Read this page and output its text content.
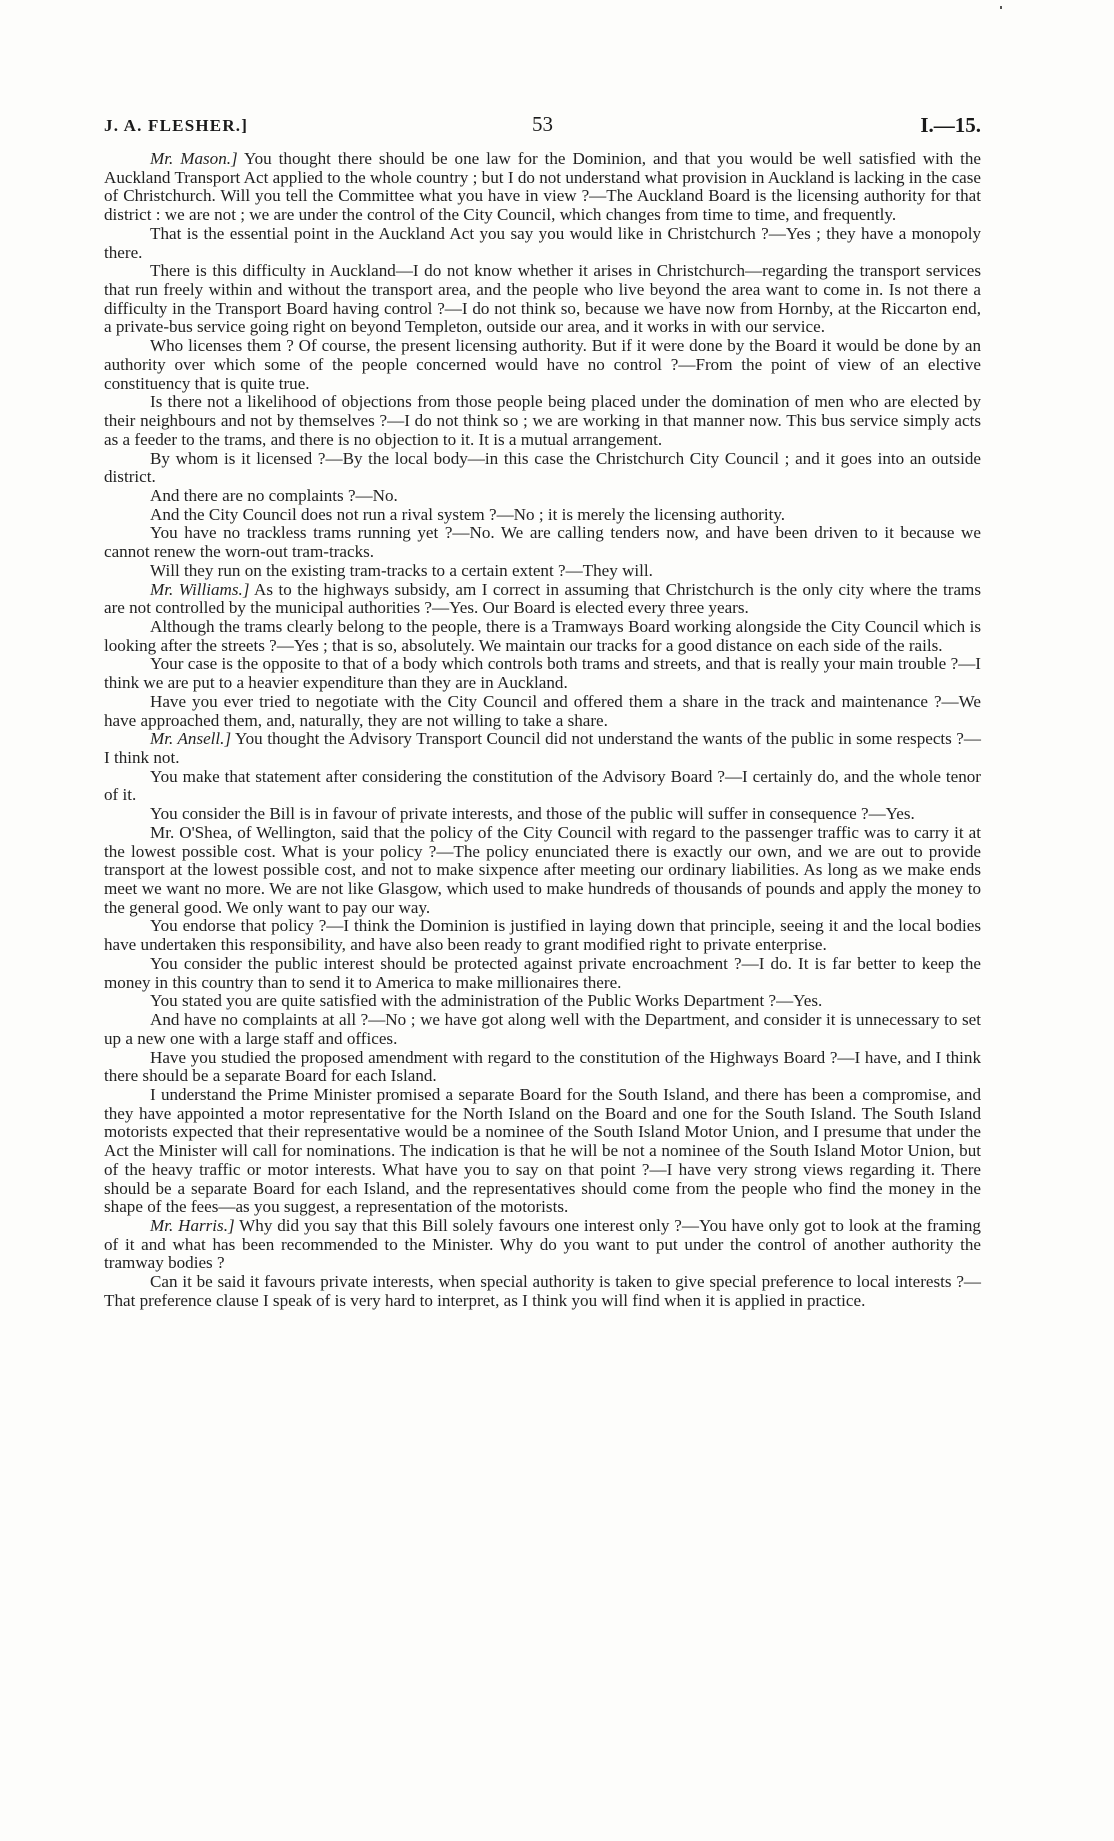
J. A. FLESHER.]	53	I.—15.

Mr. Mason.] You thought there should be one law for the Dominion, and that you would be well satisfied with the Auckland Transport Act applied to the whole country ; but I do not understand what provision in Auckland is lacking in the case of Christchurch. Will you tell the Committee what you have in view ?—The Auckland Board is the licensing authority for that district : we are not ; we are under the control of the City Council, which changes from time to time, and frequently.

That is the essential point in the Auckland Act you say you would like in Christchurch ?—Yes ; they have a monopoly there.

There is this difficulty in Auckland—I do not know whether it arises in Christchurch—regarding the transport services that run freely within and without the transport area, and the people who live beyond the area want to come in. Is not there a difficulty in the Transport Board having control ?—I do not think so, because we have now from Hornby, at the Riccarton end, a private-bus service going right on beyond Templeton, outside our area, and it works in with our service.

Who licenses them ? Of course, the present licensing authority. But if it were done by the Board it would be done by an authority over which some of the people concerned would have no control ?—From the point of view of an elective constituency that is quite true.

Is there not a likelihood of objections from those people being placed under the domination of men who are elected by their neighbours and not by themselves ?—I do not think so ; we are working in that manner now. This bus service simply acts as a feeder to the trams, and there is no objection to it. It is a mutual arrangement.

By whom is it licensed ?—By the local body—in this case the Christchurch City Council ; and it goes into an outside district.

And there are no complaints ?—No.

And the City Council does not run a rival system ?—No ; it is merely the licensing authority.

You have no trackless trams running yet ?—No. We are calling tenders now, and have been driven to it because we cannot renew the worn-out tram-tracks.

Will they run on the existing tram-tracks to a certain extent ?—They will.

Mr. Williams.] As to the highways subsidy, am I correct in assuming that Christchurch is the only city where the trams are not controlled by the municipal authorities ?—Yes. Our Board is elected every three years.

Although the trams clearly belong to the people, there is a Tramways Board working alongside the City Council which is looking after the streets ?—Yes ; that is so, absolutely. We maintain our tracks for a good distance on each side of the rails.

Your case is the opposite to that of a body which controls both trams and streets, and that is really your main trouble ?—I think we are put to a heavier expenditure than they are in Auckland.

Have you ever tried to negotiate with the City Council and offered them a share in the track and maintenance ?—We have approached them, and, naturally, they are not willing to take a share.

Mr. Ansell.] You thought the Advisory Transport Council did not understand the wants of the public in some respects ?—I think not.

You make that statement after considering the constitution of the Advisory Board ?—I certainly do, and the whole tenor of it.

You consider the Bill is in favour of private interests, and those of the public will suffer in consequence ?—Yes.

Mr. O'Shea, of Wellington, said that the policy of the City Council with regard to the passenger traffic was to carry it at the lowest possible cost. What is your policy ?—The policy enunciated there is exactly our own, and we are out to provide transport at the lowest possible cost, and not to make sixpence after meeting our ordinary liabilities. As long as we make ends meet we want no more. We are not like Glasgow, which used to make hundreds of thousands of pounds and apply the money to the general good. We only want to pay our way.

You endorse that policy ?—I think the Dominion is justified in laying down that principle, seeing it and the local bodies have undertaken this responsibility, and have also been ready to grant modified right to private enterprise.

You consider the public interest should be protected against private encroachment ?—I do. It is far better to keep the money in this country than to send it to America to make millionaires there.

You stated you are quite satisfied with the administration of the Public Works Department ?—Yes.

And have no complaints at all ?—No ; we have got along well with the Department, and consider it is unnecessary to set up a new one with a large staff and offices.

Have you studied the proposed amendment with regard to the constitution of the Highways Board ?—I have, and I think there should be a separate Board for each Island.

I understand the Prime Minister promised a separate Board for the South Island, and there has been a compromise, and they have appointed a motor representative for the North Island on the Board and one for the South Island. The South Island motorists expected that their representative would be a nominee of the South Island Motor Union, and I presume that under the Act the Minister will call for nominations. The indication is that he will be not a nominee of the South Island Motor Union, but of the heavy traffic or motor interests. What have you to say on that point ?—I have very strong views regarding it. There should be a separate Board for each Island, and the representatives should come from the people who find the money in the shape of the fees—as you suggest, a representation of the motorists.

Mr. Harris.] Why did you say that this Bill solely favours one interest only ?—You have only got to look at the framing of it and what has been recommended to the Minister. Why do you want to put under the control of another authority the tramway bodies ?

Can it be said it favours private interests, when special authority is taken to give special preference to local interests ?—That preference clause I speak of is very hard to interpret, as I think you will find when it is applied in practice.
